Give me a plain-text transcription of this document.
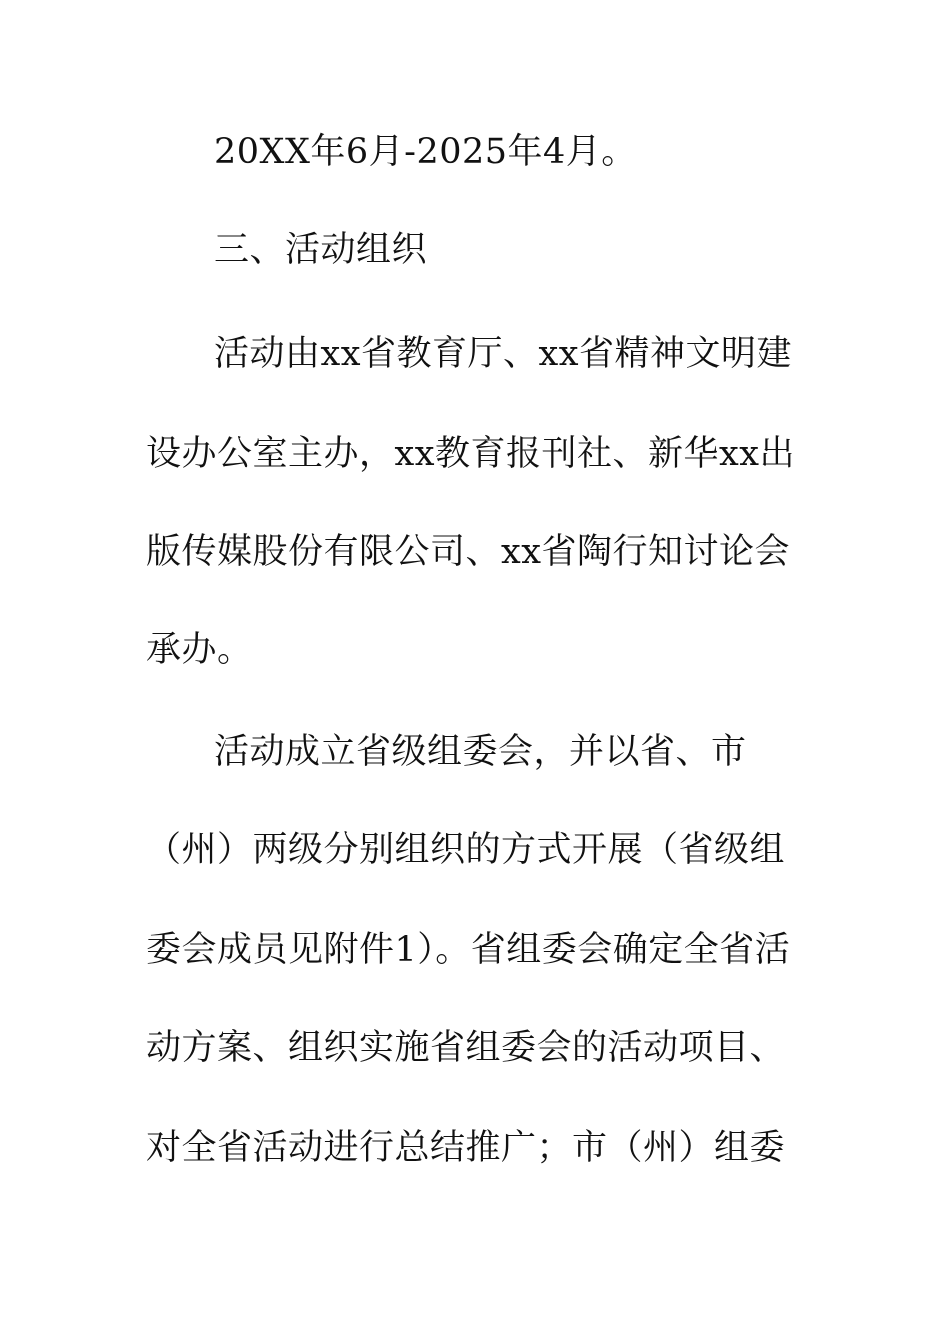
20XX年6月-2025年4月。
三、活动组织
活动由xx省教育厅、xx省精神文明建
设办公室主办，xx教育报刊社、新华xx出
版传媒股份有限公司、xx省陶行知讨论会
承办。
活动成立省级组委会，并以省、市
（州）两级分别组织的方式开展（省级组
委会成员见附件1）。省组委会确定全省活
动方案、组织实施省组委会的活动项目、
对全省活动进行总结推广；市（州）组委
